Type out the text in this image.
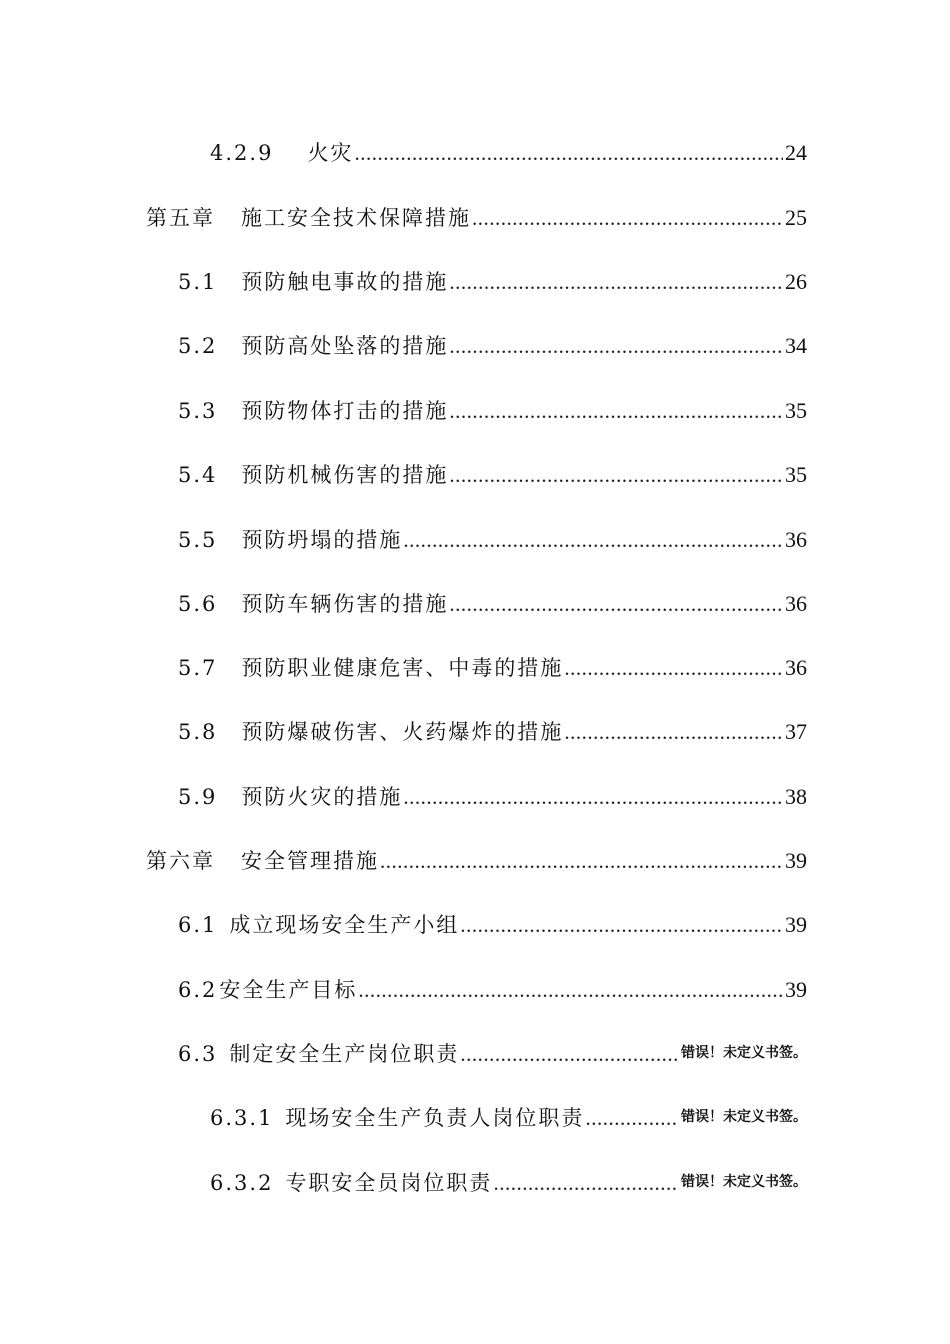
4.2.9 火灾 .....	24
第五章 施工安全技术保障措施 .....	25
5.1 预防触电事故的措施 .....	26
5.2 预防高处坠落的措施 .....	34
5.3 预防物体打击的措施 .....	35
5.4 预防机械伤害的措施 .....	35
5.5 预防坍塌的措施 .....	36
5.6 预防车辆伤害的措施 .....	36
5.7 预防职业健康危害、中毒的措施 .....	36
5.8 预防爆破伤害、火药爆炸的措施 .....	37
5.9 预防火灾的措施 .....	38
第六章 安全管理措施 .....	39
6.1 成立现场安全生产小组 .....	39
6.2安全生产目标 .....	39
6.3 制定安全生产岗位职责 .....	错误！未定义书签。
6.3.1 现场安全生产负责人岗位职责 .....	错误！未定义书签。
6.3.2 专职安全员岗位职责 .....	错误！未定义书签。
